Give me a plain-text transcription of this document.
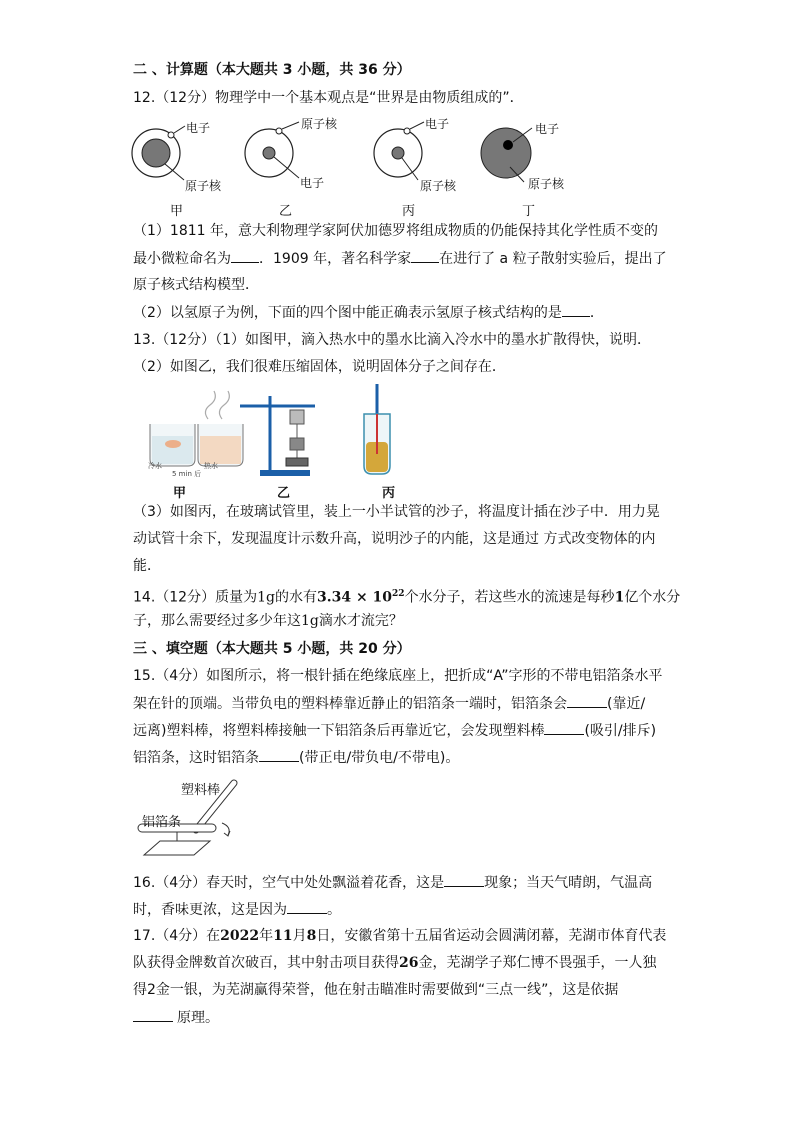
二 、计算题（本大题共 3 小题，共 36 分）
12.（12分）物理学中一个基本观点是“世界是由物质组成的”．
电子
原子核
甲
原子核
电子
乙
电子
原子核
丙
电子
原子核
丁
（1）1811 年，意大利物理学家阿伏加德罗将组成物质的仍能保持其化学性质不变的
最小微粒命名为 ．1909 年，著名科学家 在进行了 a 粒子散射实验后，提出了
原子核式结构模型．
（2）以氢原子为例，下面的四个图中能正确表示氢原子核式结构的是 ．
13.（12分）（1）如图甲，滴入热水中的墨水比滴入冷水中的墨水扩散得快，说明．
（2）如图乙，我们很难压缩固体，说明固体分子之间存在．
冷水	热水
5 min 后
甲	乙	丙
（3）如图丙，在玻璃试管里，装上一小半试管的沙子，将温度计插在沙子中．用力晃
动试管十余下，发现温度计示数升高，说明沙子的内能，这是通过 方式改变物体的内
能．
14.（12分）质量为1g的水有$3.34 \times 10^{22}$个水分子，若这些水的流速是每秒1亿个水分
子，那么需要经过多少年这1g滴水才流完？
三 、填空题（本大题共 5 小题，共 20 分）
15.（4分）如图所示，将一根针插在绝缘底座上，把折成“A”字形的不带电铝箔条水平
架在针的顶端。当带负电的塑料棒靠近静止的铝箔条一端时，铝箔条会	(靠近/
远离)塑料棒，将塑料棒接触一下铝箔条后再靠近它，会发现塑料棒	(吸引/排斥)
铝箔条，这时铝箔条	(带正电/带负电/不带电)。
塑料棒
铝箔条
16.（4分）春天时，空气中处处飘溢着花香，这是	现象；当天气晴朗，气温高
时，香味更浓，这是因为	。
17.（4分）在2022年11月8日，安徽省第十五届省运动会圆满闭幕，芜湖市体育代表
队获得金牌数首次破百，其中射击项目获得26金，芜湖学子郑仁博不畏强手，一人独
得2金一银，为芜湖赢得荣誉，他在射击瞄准时需要做到“三点一线”，这是依据
原理。
